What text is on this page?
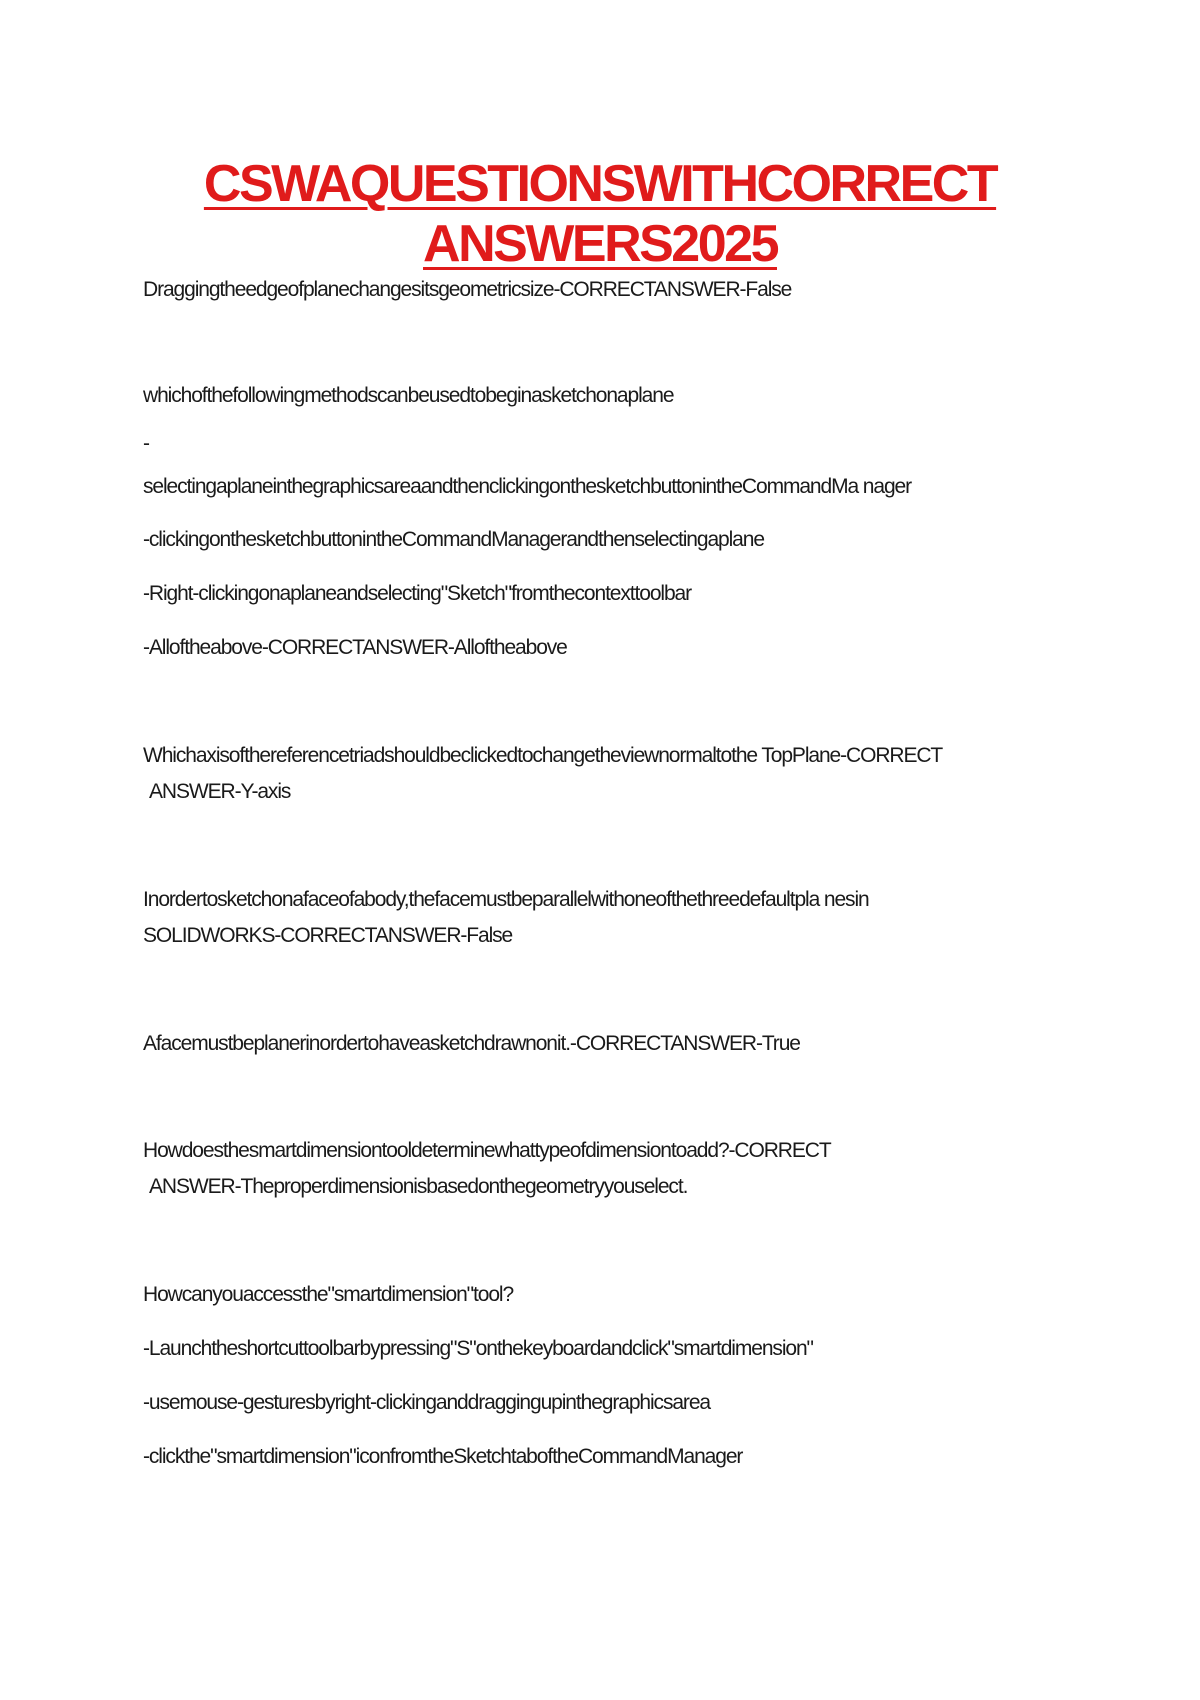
CSWAQUESTIONSWITHCORRECT
ANSWERS2025

Draggingtheedgeofplanechangesitsgeometricsize-CORRECTANSWER-False

whichofthefollowingmethodscanbeusedtobeginasketchonaplane

-

selectingaplaneinthegraphicsareaandthenclickingonthesketchbuttonintheCommandMa nager

-clickingonthesketchbuttonintheCommandManagerandthenselectingaplane

-Right-clickingonaplaneandselecting"Sketch"fromthecontexttoolbar

-Alloftheabove-CORRECTANSWER-Alloftheabove

Whichaxisofthereferencetriadshouldbeclickedtochangetheviewnormaltothe TopPlane-CORRECT

ANSWER-Y-axis

Inordertosketchonafaceofabody,thefacemustbeparallelwithoneofthethreedefaultpla nesin

SOLIDWORKS-CORRECTANSWER-False

Afacemustbeplanerinordertohaveasketchdrawnonit.-CORRECTANSWER-True

Howdoesthesmartdimensiontooldeterminewhattypeofdimensiontoadd?-CORRECT

ANSWER-Theproperdimensionisbasedonthegeometryyouselect.

Howcanyouaccessthe"smartdimension"tool?

-Launchtheshortcuttoolbarbypressing"S"onthekeyboardandclick"smartdimension"

-usemouse-gesturesbyright-clickinganddraggingupinthegraphicsarea

-clickthe"smartdimension"iconfromtheSketchtaboftheCommandManager
